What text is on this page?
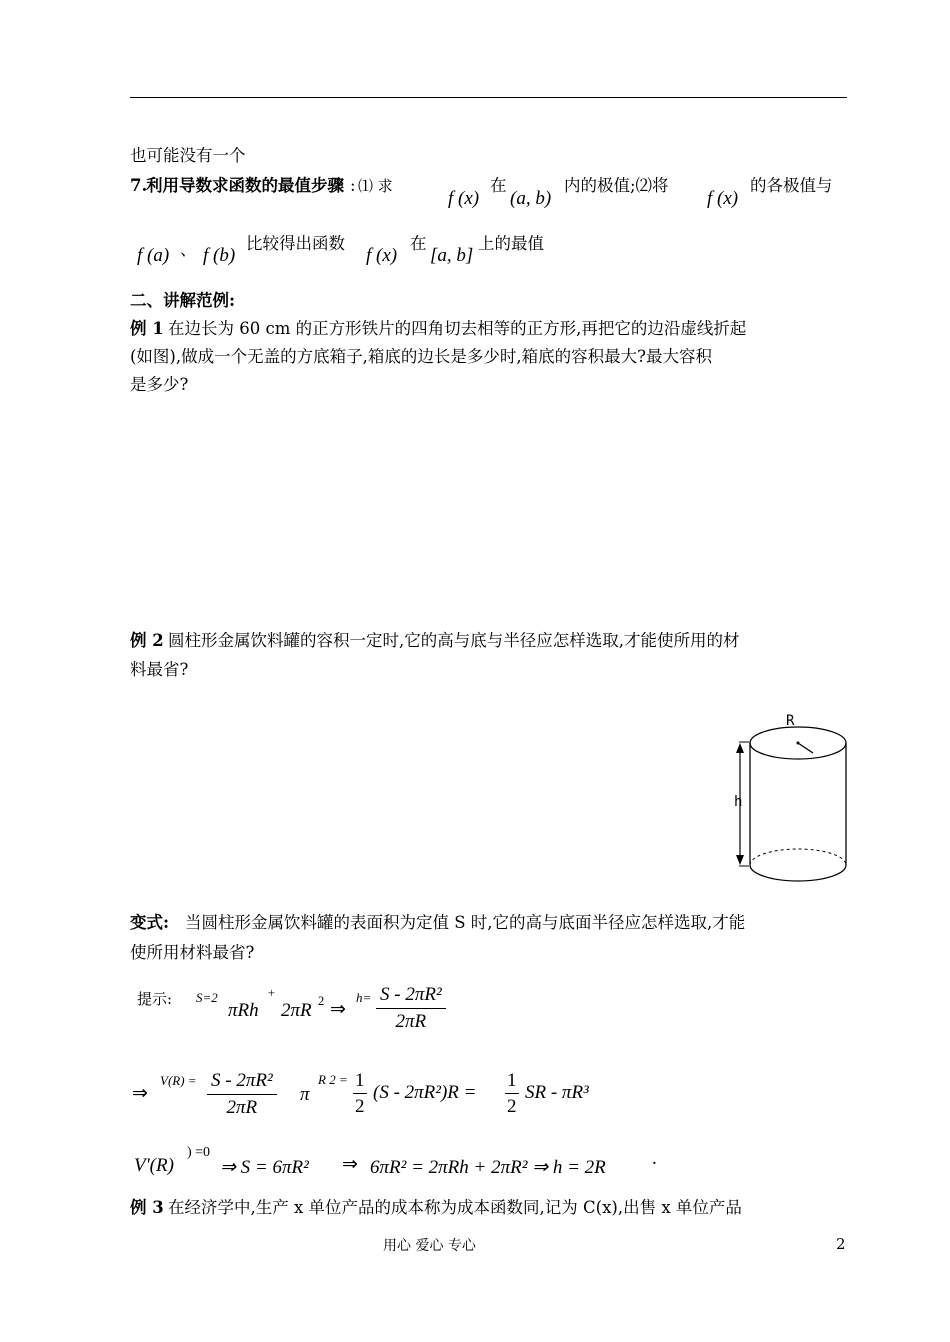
也可能没有一个
7.
利用导数求函数的最值步骤 : ⑴ 求
f (x)
在
(a, b)
内的极值;⑵将
f (x)
的各极值与
f (a) 、 f (b)
比较得出函数
f (x)
在
[a, b]
上的最值
二、讲解范例:
例 1 在边长为 60 cm 的正方形铁片的四角切去相等的正方形,再把它的边沿虚线折起
(如图),做成一个无盖的方底箱子,箱底的边长是多少时,箱底的容积最大?最大容积
是多少?
例 2 圆柱形金属饮料罐的容积一定时,它的高与底与半径应怎样选取,才能使所用的材
料最省?
R
h
变式: 当圆柱形金属饮料罐的表面积为定值 S 时,它的高与底面半径应怎样选取,才能
使所用材料最省?
提示: S=2
πRh
+
2πR 2 ⇒
$h= \frac{\text{S - 2πR²}}{2\pi R}$
⇒
$V(R) = \frac{\text{S - 2πR²}}{2\pi R}$ π
R $2 = \frac{1}{2} (S - 2\pi R^2)R = \frac{1}{2}$ SR - πR³
V'(R)
) =0
⇒ S = 6πR² ⇒ 6πR² = 2πRh + 2πR² ⇒ h = 2R .
例 3 在经济学中,生产 x 单位产品的成本称为成本函数同,记为 C(x),出售 x 单位产品
用心 爱心 专心	2
